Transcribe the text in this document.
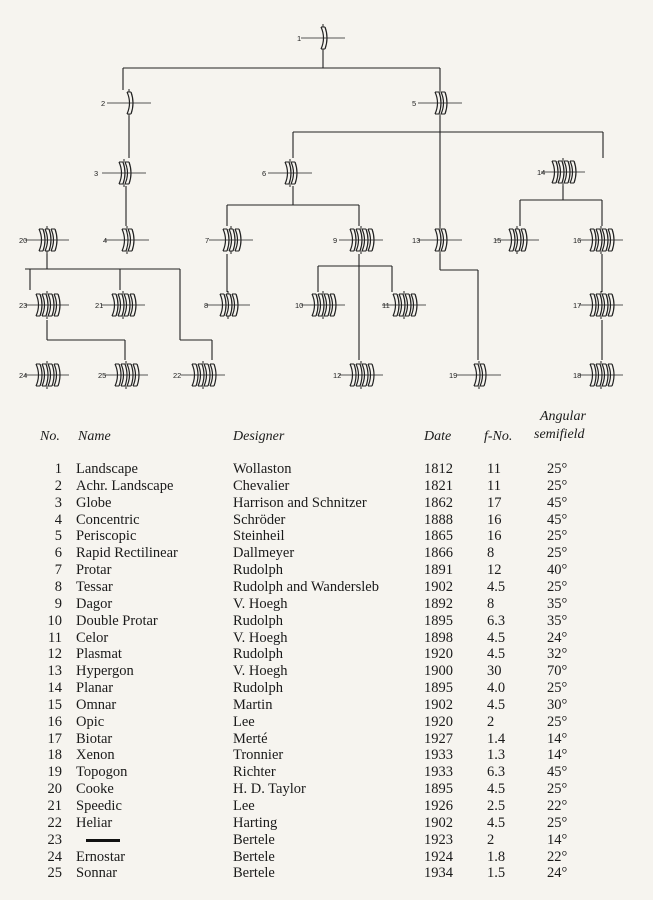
1
2
3
4
5
6
7
8
9
10	11
12
13
14
15	16
17
18
19
20
21
22
23
24	25
No. Name	Designer	Date f-No.
Angular
semifield
1 Landscape	Wollaston	1812 11	25°
2 Achr. Landscape	Chevalier	1821 11	25°
3 Globe	Harrison and Schnitzer	1862 17	45°
4 Concentric	Schröder	1888 16	45°
5 Periscopic	Steinheil	1865 16	25°
6 Rapid Rectilinear	Dallmeyer	1866 8	25°
7 Protar	Rudolph	1891 12	40°
8 Tessar	Rudolph and Wandersleb	1902 4.5	25°
9 Dagor	V. Hoegh	1892 8	35°
10 Double Protar	Rudolph	1895 6.3	35°
11 Celor	V. Hoegh	1898 4.5	24°
12 Plasmat	Rudolph	1920 4.5	32°
13 Hypergon	V. Hoegh	1900 30	70°
14 Planar	Rudolph	1895 4.0	25°
15 Omnar	Martin	1902 4.5	30°
16 Opic	Lee	1920 2	25°
17 Biotar	Merté	1927 1.4	14°
18 Xenon	Tronnier	1933 1.3	14°
19 Topogon	Richter	1933 6.3	45°
20 Cooke	H. D. Taylor	1895 4.5	25°
21 Speedic	Lee	1926 2.5	22°
22 Heliar	Harting	1902 4.5	25°
23	Bertele	1923 2	14°
24 Ernostar	Bertele	1924 1.8	22°
25 Sonnar	Bertele	1934 1.5	24°
